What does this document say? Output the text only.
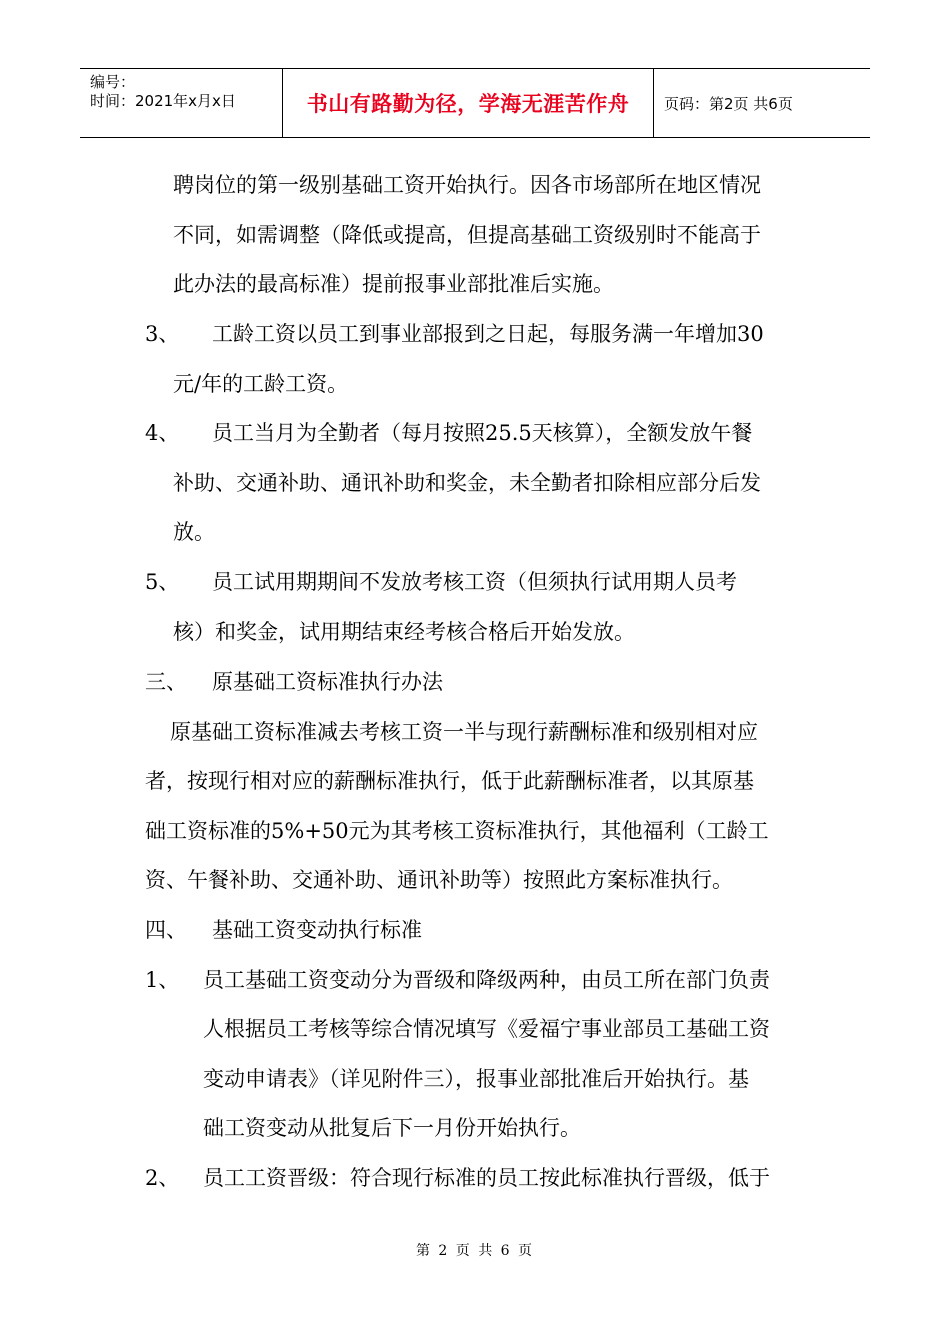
编号：
时间：2021年x月x日	书山有路勤为径，学海无涯苦作舟	页码：第2页 共6页
聘岗位的第一级别基础工资开始执行。因各市场部所在地区情况
不同，如需调整（降低或提高，但提高基础工资级别时不能高于
此办法的最高标准）提前报事业部批准后实施。
3、 工龄工资以员工到事业部报到之日起，每服务满一年增加30
元/年的工龄工资。
4、 员工当月为全勤者（每月按照25.5天核算），全额发放午餐
补助、交通补助、通讯补助和奖金，未全勤者扣除相应部分后发
放。
5、 员工试用期期间不发放考核工资（但须执行试用期人员考
核）和奖金，试用期结束经考核合格后开始发放。
三、 原基础工资标准执行办法
原基础工资标准减去考核工资一半与现行薪酬标准和级别相对应
者，按现行相对应的薪酬标准执行，低于此薪酬标准者，以其原基
础工资标准的5%+50元为其考核工资标准执行，其他福利（工龄工
资、午餐补助、交通补助、通讯补助等）按照此方案标准执行。
四、 基础工资变动执行标准
1、 员工基础工资变动分为晋级和降级两种，由员工所在部门负责
人根据员工考核等综合情况填写《爱福宁事业部员工基础工资
变动申请表》（详见附件三），报事业部批准后开始执行。基
础工资变动从批复后下一月份开始执行。
2、 员工工资晋级：符合现行标准的员工按此标准执行晋级，低于
第 2 页 共 6 页
